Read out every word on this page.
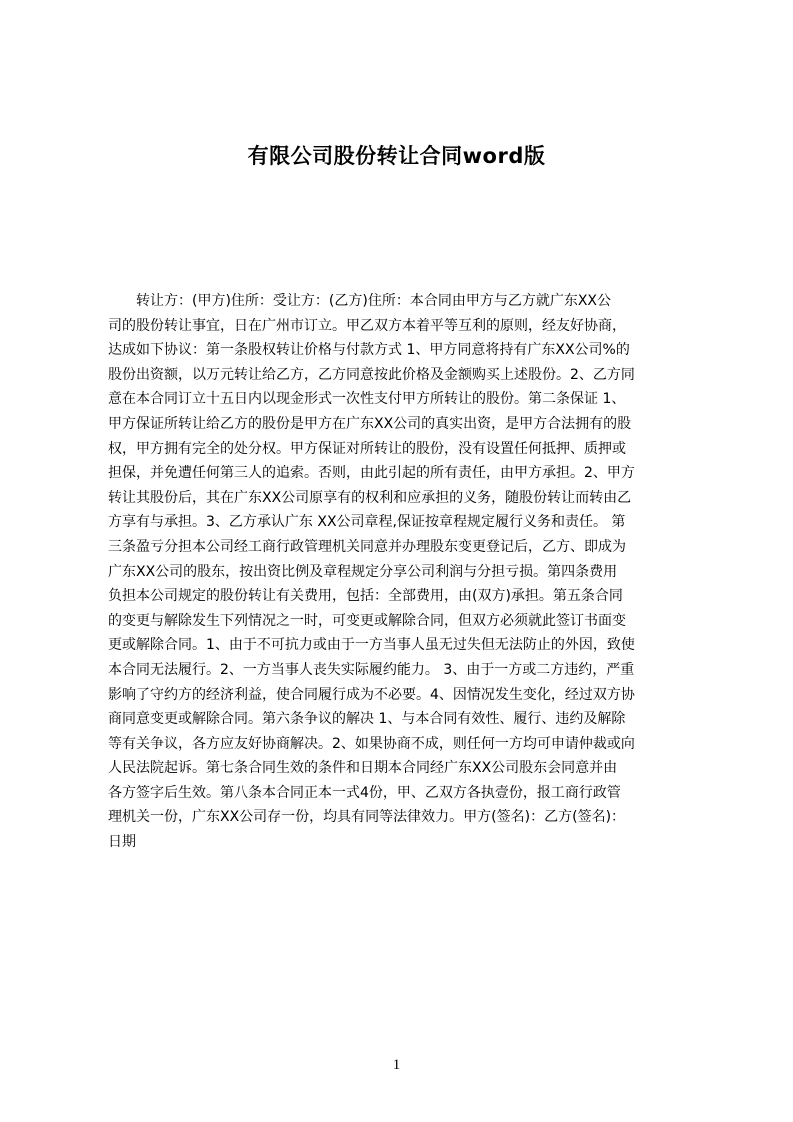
有限公司股份转让合同word版
　　转让方：(甲方)住所：受让方：(乙方)住所：本合同由甲方与乙方就广东XX公
司的股份转让事宜，日在广州市订立。甲乙双方本着平等互利的原则，经友好协商，
达成如下协议：第一条股权转让价格与付款方式 1、甲方同意将持有广东XX公司%的
股份出资额，以万元转让给乙方，乙方同意按此价格及金额购买上述股份。2、乙方同
意在本合同订立十五日内以现金形式一次性支付甲方所转让的股份。第二条保证 1、
甲方保证所转让给乙方的股份是甲方在广东XX公司的真实出资，是甲方合法拥有的股
权，甲方拥有完全的处分权。甲方保证对所转让的股份，没有设置任何抵押、质押或
担保，并免遭任何第三人的追索。否则，由此引起的所有责任，由甲方承担。2、甲方
转让其股份后，其在广东XX公司原享有的权利和应承担的义务，随股份转让而转由乙
方享有与承担。3、乙方承认广东 XX公司章程,保证按章程规定履行义务和责任。 第
三条盈亏分担本公司经工商行政管理机关同意并办理股东变更登记后，乙方、即成为
广东XX公司的股东，按出资比例及章程规定分享公司利润与分担亏损。第四条费用
负担本公司规定的股份转让有关费用，包括：全部费用，由(双方)承担。第五条合同
的变更与解除发生下列情况之一时，可变更或解除合同，但双方必须就此签订书面变
更或解除合同。1、由于不可抗力或由于一方当事人虽无过失但无法防止的外因，致使
本合同无法履行。2、一方当事人丧失实际履约能力。 3、由于一方或二方违约，严重
影响了守约方的经济利益，使合同履行成为不必要。4、因情况发生变化，经过双方协
商同意变更或解除合同。第六条争议的解决 1、与本合同有效性、履行、违约及解除
等有关争议，各方应友好协商解决。2、如果协商不成，则任何一方均可申请仲裁或向
人民法院起诉。第七条合同生效的条件和日期本合同经广东XX公司股东会同意并由
各方签字后生效。第八条本合同正本一式4份，甲、乙双方各执壹份，报工商行政管
理机关一份，广东XX公司存一份，均具有同等法律效力。甲方(签名)：乙方(签名)：
日期
1
